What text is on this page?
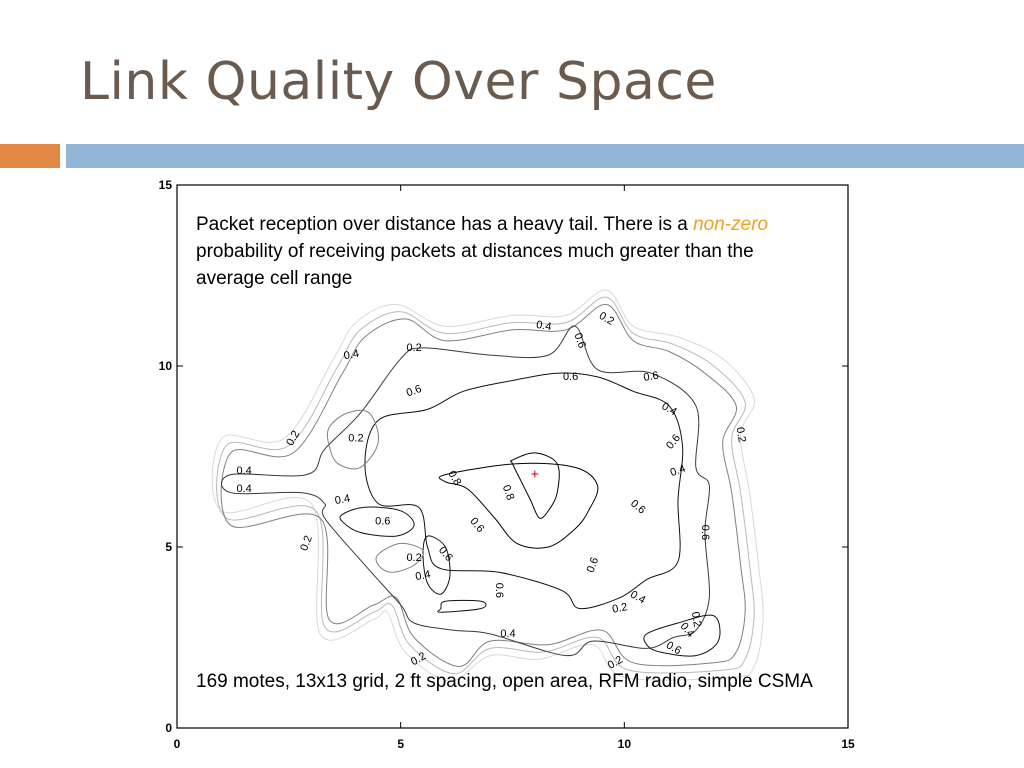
Link Quality Over Space
0.2
0.4
0.6
0.2
0.4
0.6	0.6
0.6
0.4
0.2
0.2	0.2	0.6
0.4
0.4	0.8
0.8
0.4
0.4	0.6
0.6	0.6	0.6
0.2
0.6
0.2	0.6
0.4
0.6	0.4
0.2
0.2
0.4
0.4
0.6
0.2	0.2
0	5	10	15
0
5
10
15
+

Packet reception over distance has a heavy tail. There is a non-zero probability of receiving packets at distances much greater than the average cell range

169 motes, 13x13 grid, 2 ft spacing, open area, RFM radio, simple CSMA
